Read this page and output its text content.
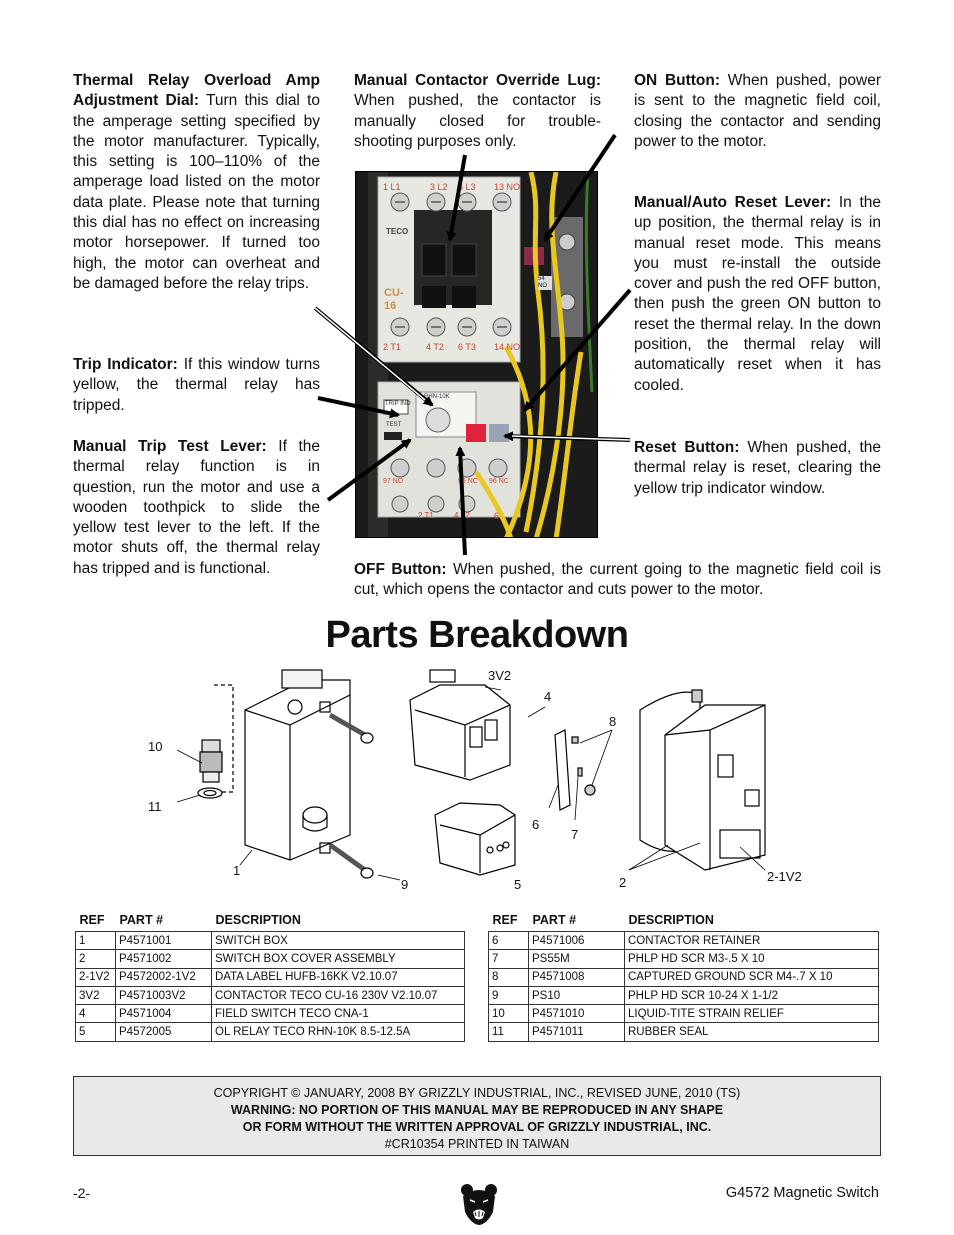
Thermal Relay Overload Amp Adjustment Dial: Turn this dial to the amperage setting specified by the motor manufacturer. Typically, this setting is 100–110% of the amperage load listed on the motor data plate. Please note that turning this dial has no effect on increasing motor horsepower. If turned too high, the motor can overheat and be damaged before the relay trips.
Trip Indicator: If this window turns yellow, the thermal relay has tripped.
Manual Trip Test Lever: If the thermal relay function is in question, run the motor and use a wooden toothpick to slide the yellow test lever to the left. If the motor shuts off, the thermal relay has tripped and is functional.
Manual Contactor Override Lug: When pushed, the contactor is manually closed for trouble-shooting purposes only.
ON Button: When pushed, power is sent to the magnetic field coil, closing the contactor and sending power to the motor.
Manual/Auto Reset Lever: In the up position, the thermal relay is in manual reset mode. This means you must re-install the outside cover and push the red OFF button, then push the green ON button to reset the thermal relay. In the down position, the thermal relay will automatically reset when it has cooled.
Reset Button: When pushed, the thermal relay is reset, clearing the yellow trip indicator window.
OFF Button: When pushed, the current going to the magnetic field coil is cut, which opens the contactor and cuts power to the motor.
1 L1	3 L2 5 L3 13 NO
TECO
CU-16
2 T1	4 T2 6 T3 14 NO
RHN-10K
TRIP IND
TEST
54 NO
97 NO	95 NC 96 NC
2 T1	4 T2	6
Parts Breakdown
3V2
4
8
10
11
6
7
1
9	5	2	2-1V2
REF	PART #	DESCRIPTION
1	P4571001	SWITCH BOX
2	P4571002	SWITCH BOX COVER ASSEMBLY
2-1V2	P4572002-1V2	DATA LABEL HUFB-16KK V2.10.07
3V2	P4571003V2	CONTACTOR TECO CU-16 230V V2.10.07
4	P4571004	FIELD SWITCH TECO CNA-1
5	P4572005	OL RELAY TECO RHN-10K 8.5-12.5A
REF	PART #	DESCRIPTION
6	P4571006	CONTACTOR RETAINER
7	PS55M	PHLP HD SCR M3-.5 X 10
8	P4571008	CAPTURED GROUND SCR M4-.7 X 10
9	PS10	PHLP HD SCR 10-24 X 1-1/2
10	P4571010	LIQUID-TITE STRAIN RELIEF
11	P4571011	RUBBER SEAL
COPYRIGHT © JANUARY, 2008 BY GRIZZLY INDUSTRIAL, INC., REVISED JUNE, 2010 (TS)
WARNING: NO PORTION OF THIS MANUAL MAY BE REPRODUCED IN ANY SHAPE
OR FORM WITHOUT THE WRITTEN APPROVAL OF GRIZZLY INDUSTRIAL, INC.
#CR10354 PRINTED IN TAIWAN
-2-	G4572 Magnetic Switch
